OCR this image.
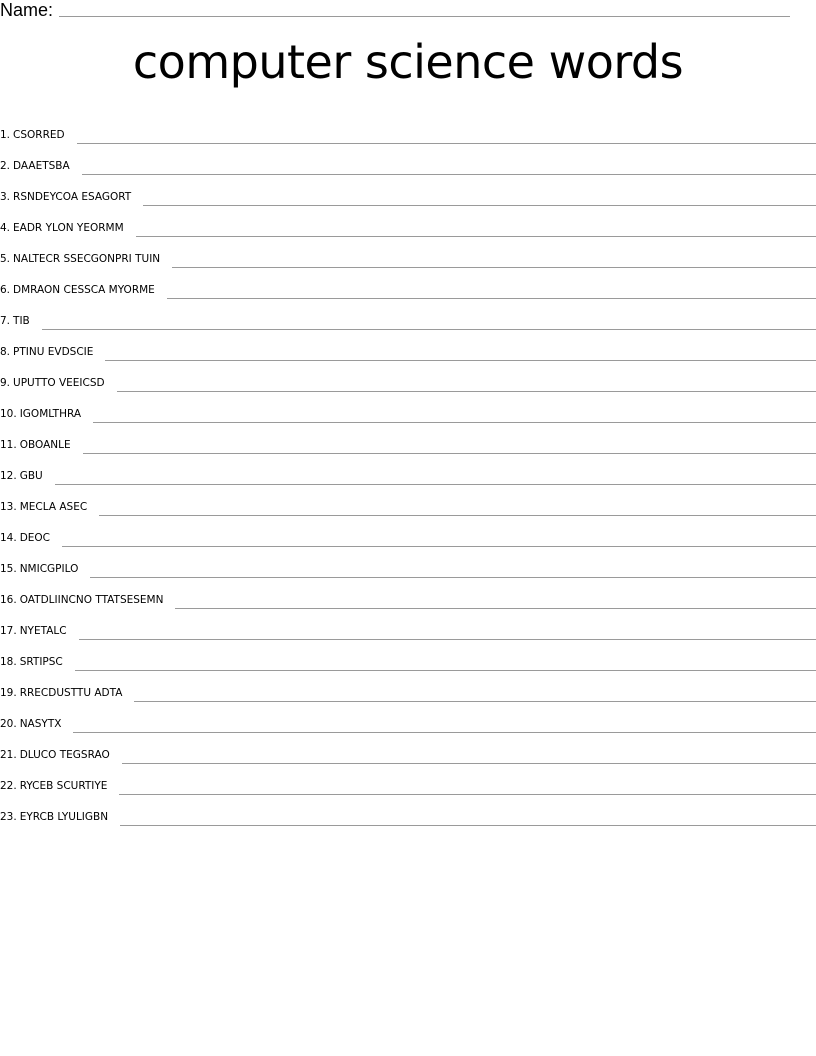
Name:
computer science words
1. CSORRED
2. DAAETSBA
3. RSNDEYCOA ESAGORT
4. EADR YLON YEORMM
5. NALTECR SSECGONPRI TUIN
6. DMRAON CESSCA MYORME
7. TIB
8. PTINU EVDSCIE
9. UPUTTO VEEICSD
10. IGOMLTHRA
11. OBOANLE
12. GBU
13. MECLA ASEC
14. DEOC
15. NMICGPILO
16. OATDLIINCNO TTATSESEMN
17. NYETALC
18. SRTIPSC
19. RRECDUSTTU ADTA
20. NASYTX
21. DLUCO TEGSRAO
22. RYCEB SCURTIYE
23. EYRCB LYULIGBN
